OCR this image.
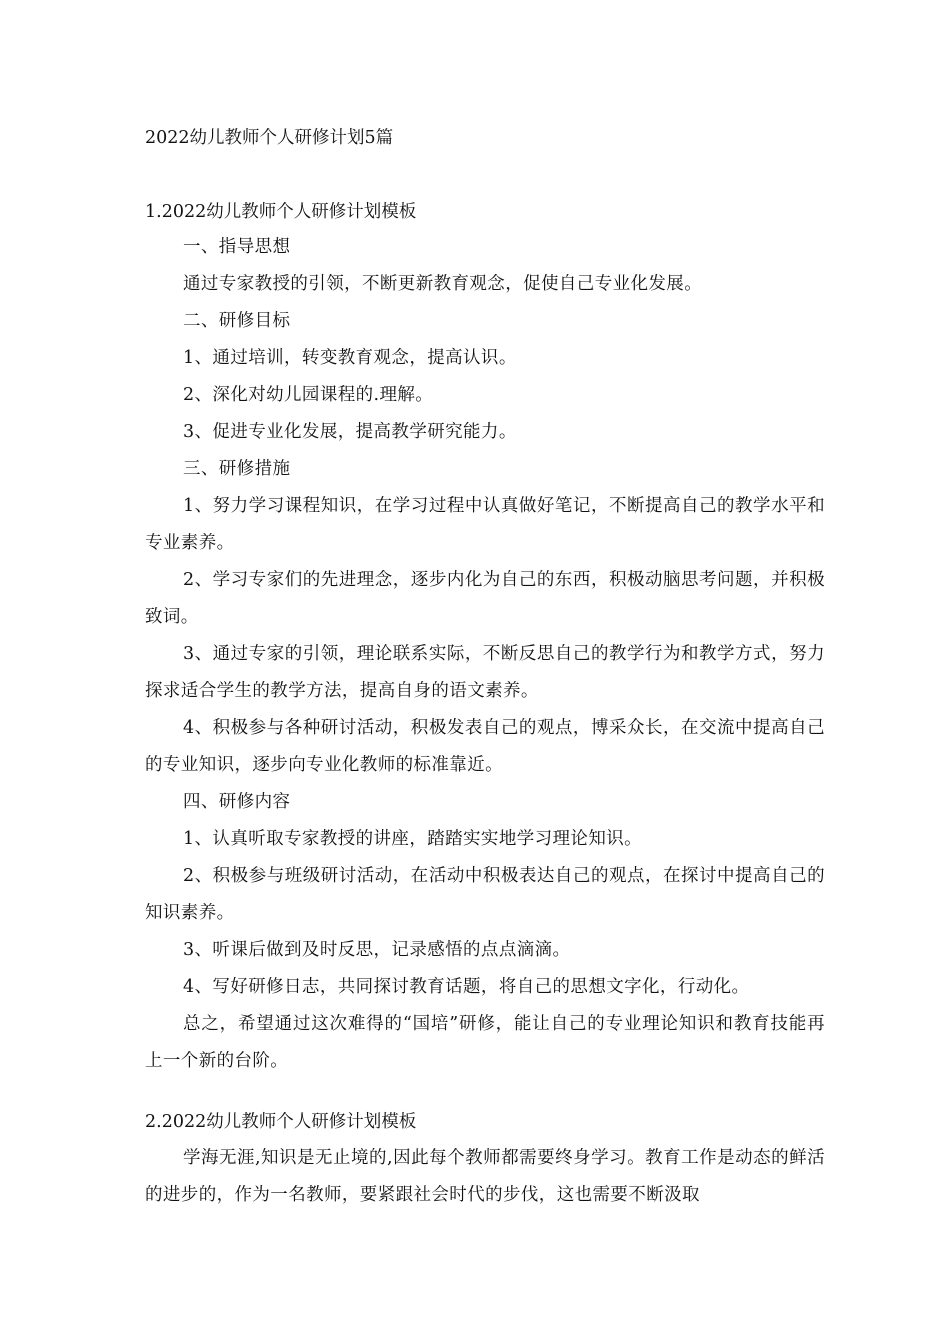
2022幼儿教师个人研修计划5篇
1.2022幼儿教师个人研修计划模板

一、指导思想

通过专家教授的引领，不断更新教育观念，促使自己专业化发展。

二、研修目标

1、通过培训，转变教育观念，提高认识。

2、深化对幼儿园课程的.理解。

3、促进专业化发展，提高教学研究能力。

三、研修措施

1、努力学习课程知识，在学习过程中认真做好笔记，不断提高自己的教学水平和专业素养。

2、学习专家们的先进理念，逐步内化为自己的东西，积极动脑思考问题，并积极致词。

3、通过专家的引领，理论联系实际，不断反思自己的教学行为和教学方式，努力探求适合学生的教学方法，提高自身的语文素养。

4、积极参与各种研讨活动，积极发表自己的观点，博采众长，在交流中提高自己的专业知识，逐步向专业化教师的标准靠近。

四、研修内容

1、认真听取专家教授的讲座，踏踏实实地学习理论知识。

2、积极参与班级研讨活动，在活动中积极表达自己的观点，在探讨中提高自己的知识素养。

3、听课后做到及时反思，记录感悟的点点滴滴。

4、写好研修日志，共同探讨教育话题，将自己的思想文字化，行动化。

总之，希望通过这次难得的“国培”研修，能让自己的专业理论知识和教育技能再上一个新的台阶。

2.2022幼儿教师个人研修计划模板

学海无涯,知识是无止境的,因此每个教师都需要终身学习。教育工作是动态的鲜活的进步的，作为一名教师，要紧跟社会时代的步伐，这也需要不断汲取
